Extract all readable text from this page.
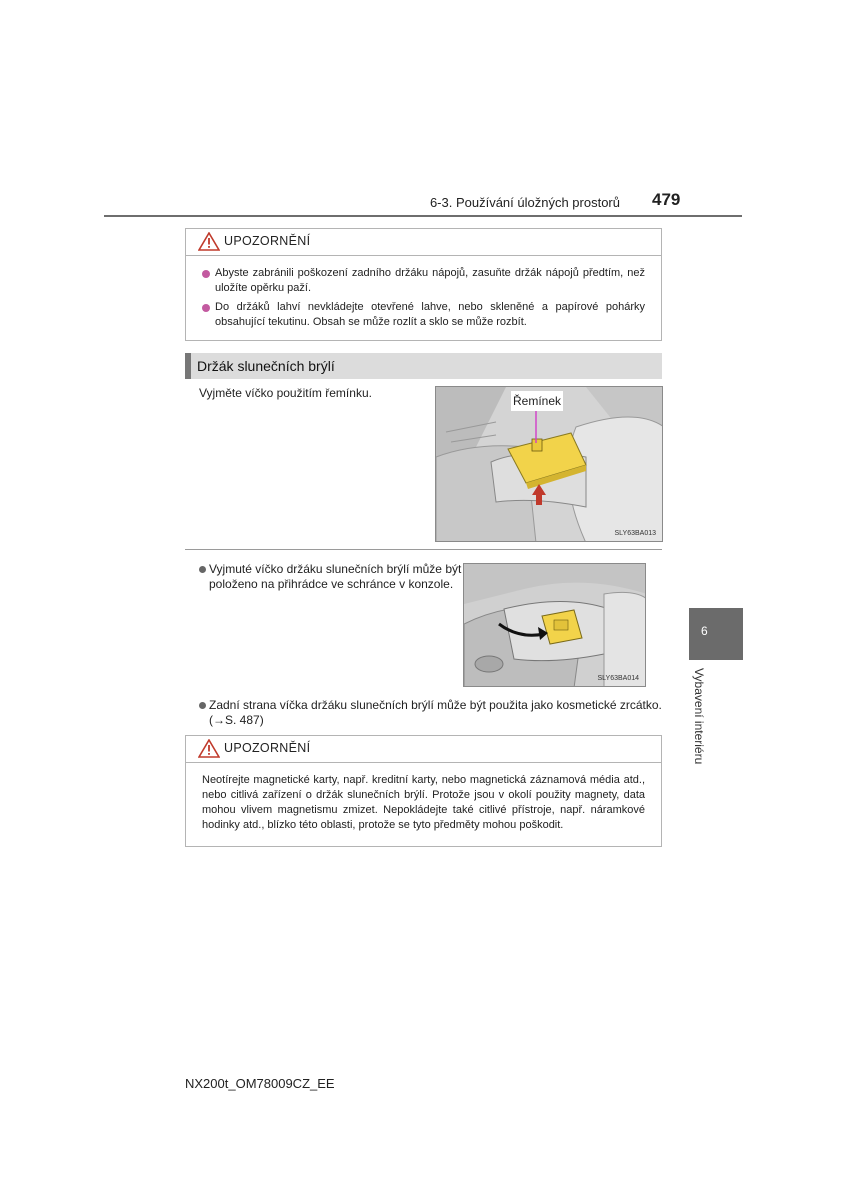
6-3. Používání úložných prostorů 479
UPOZORNĚNÍ
Abyste zabránili poškození zadního držáku nápojů, zasuňte držák nápojů předtím, než uložíte opěrku paží.
Do držáků lahví nevkládejte otevřené lahve, nebo skleněné a papírové pohárky obsahující tekutinu. Obsah se může rozlít a sklo se může rozbít.
Držák slunečních brýlí
Vyjměte víčko použitím řemínku.
Řemínek
SLY63BA013
Vyjmuté víčko držáku slunečních brýlí může být položeno na přihrádce ve schránce v konzole.
SLY63BA014
Zadní strana víčka držáku slunečních brýlí může být použita jako kosmetické zrcátko. (→S. 487)
UPOZORNĚNÍ

Neotírejte magnetické karty, např. kreditní karty, nebo magnetická záznamová média atd., nebo citlivá zařízení o držák slunečních brýlí. Protože jsou v okolí použity magnety, data mohou vlivem magnetismu zmizet. Nepokládejte také citlivé přístroje, např. náramkové hodinky atd., blízko této oblasti, protože se tyto předměty mohou poškodit.

6
Vybavení interiéru
NX200t_OM78009CZ_EE
